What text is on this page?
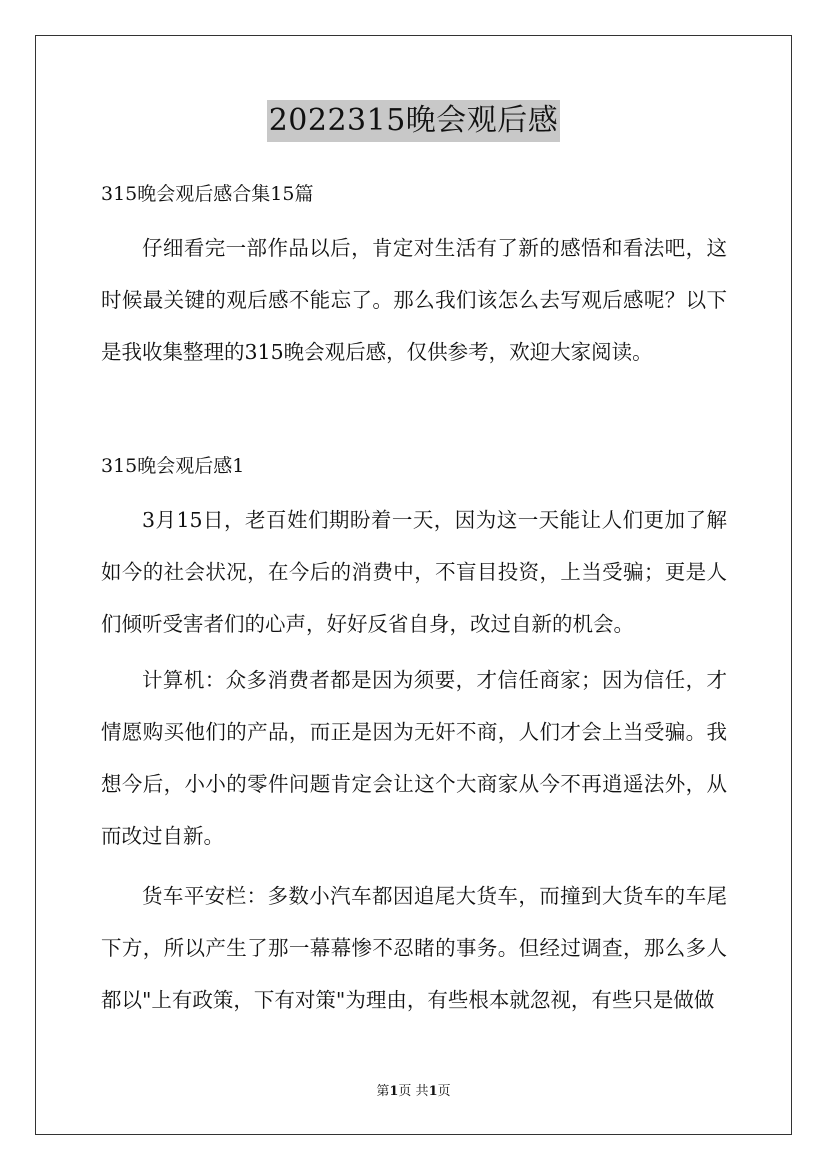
2022315晚会观后感
315晚会观后感合集15篇

仔细看完一部作品以后，肯定对生活有了新的感悟和看法吧，这时候最关键的观后感不能忘了。那么我们该怎么去写观后感呢？以下是我收集整理的315晚会观后感，仅供参考，欢迎大家阅读。

315晚会观后感1

3月15日，老百姓们期盼着一天，因为这一天能让人们更加了解如今的社会状况，在今后的消费中，不盲目投资，上当受骗；更是人们倾听受害者们的心声，好好反省自身，改过自新的机会。

计算机：众多消费者都是因为须要，才信任商家；因为信任，才情愿购买他们的产品，而正是因为无奸不商，人们才会上当受骗。我想今后，小小的零件问题肯定会让这个大商家从今不再逍遥法外，从而改过自新。

货车平安栏：多数小汽车都因追尾大货车，而撞到大货车的车尾下方，所以产生了那一幕幕惨不忍睹的事务。但经过调查，那么多人都以"上有政策，下有对策"为理由，有些根本就忽视，有些只是做做

第1页 共1页
